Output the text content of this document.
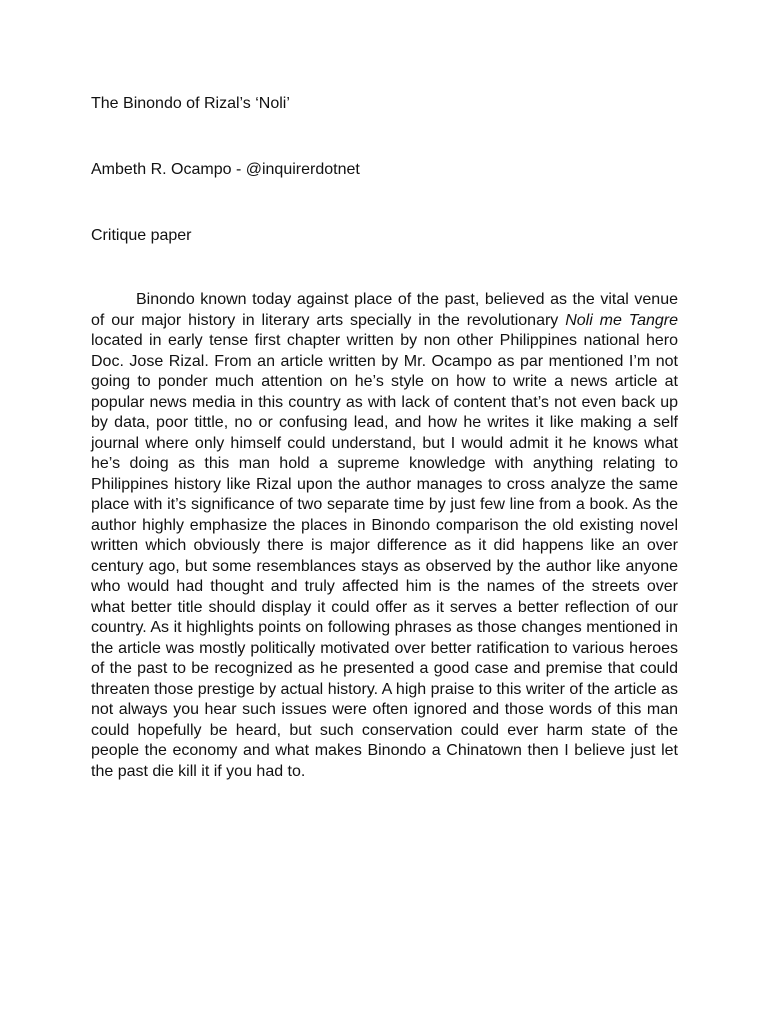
The Binondo of Rizal’s ‘Noli’
Ambeth R. Ocampo - @inquirerdotnet
Critique paper

Binondo known today against place of the past, believed as the vital venue of our major history in literary arts specially in the revolutionary Noli me Tangre located in early tense first chapter written by non other Philippines national hero Doc. Jose Rizal. From an article written by Mr. Ocampo as par mentioned I’m not going to ponder much attention on he’s style on how to write a news article at popular news media in this country as with lack of content that’s not even back up by data, poor tittle, no or confusing lead, and how he writes it like making a self journal where only himself could understand, but I would admit it he knows what he’s doing as this man hold a supreme knowledge with anything relating to Philippines history like Rizal upon the author manages to cross analyze the same place with it’s significance of two separate time by just few line from a book. As the author highly emphasize the places in Binondo comparison the old existing novel written which obviously there is major difference as it did happens like an over century ago, but some resemblances stays as observed by the author like anyone who would had thought and truly affected him is the names of the streets over what better title should display it could offer as it serves a better reflection of our country. As it highlights points on following phrases as those changes mentioned in the article was mostly politically motivated over better ratification to various heroes of the past to be recognized as he presented a good case and premise that could threaten those prestige by actual history. A high praise to this writer of the article as not always you hear such issues were often ignored and those words of this man could hopefully be heard, but such conservation could ever harm state of the people the economy and what makes Binondo a Chinatown then I believe just let the past die kill it if you had to.
